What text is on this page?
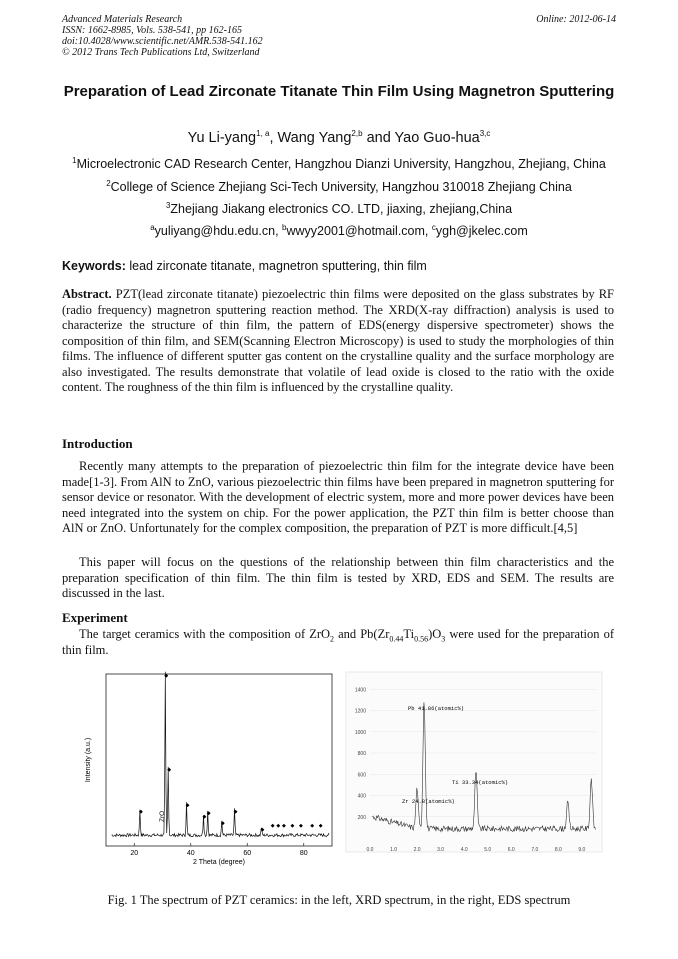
Advanced Materials Research
ISSN: 1662-8985, Vols. 538-541, pp 162-165
doi:10.4028/www.scientific.net/AMR.538-541.162
© 2012 Trans Tech Publications Ltd, Switzerland
Online: 2012-06-14
Preparation of Lead Zirconate Titanate Thin Film Using Magnetron Sputtering
Yu Li-yang$^{1, a}$, Wang Yang$^{2,b}$ and Yao Guo-hua$^{3,c}$
$^1$Microelectronic CAD Research Center, Hangzhou Dianzi University, Hangzhou, Zhejiang, China
$^2$College of Science Zhejiang Sci-Tech University, Hangzhou 310018 Zhejiang China
$^3$Zhejiang Jiakang electronics CO. LTD, jiaxing, zhejiang,China
$^a$yuliyang@hdu.edu.cn, $^b$wwyy2001@hotmail.com, $^c$ygh@jkelec.com
Keywords: lead zirconate titanate, magnetron sputtering, thin film
Abstract. PZT(lead zirconate titanate) piezoelectric thin films were deposited on the glass substrates by RF (radio frequency) magnetron sputtering reaction method. The XRD(X-ray diffraction) analysis is used to characterize the structure of thin film, the pattern of EDS(energy dispersive spectrometer) shows the composition of thin film, and SEM(Scanning Electron Microscopy) is used to study the morphologies of thin films. The influence of different sputter gas content on the crystalline quality and the surface morphology are also investigated. The results demonstrate that volatile of lead oxide is closed to the ratio with the oxide content. The roughness of the thin film is influenced by the crystalline quality.
Introduction
Recently many attempts to the preparation of piezoelectric thin film for the integrate device have been made[1-3]. From AlN to ZnO, various piezoelectric thin films have been prepared in magnetron sputtering for sensor device or resonator. With the development of electric system, more and more power devices have been need integrated into the system on chip. For the power application, the PZT thin film is better choose than AlN or ZnO. Unfortunately for the complex composition, the preparation of PZT is more difficult.[4,5]
This paper will focus on the questions of the relationship between thin film characteristics and the preparation specification of thin film. The thin film is tested by XRD, EDS and SEM. The results are discussed in the last.
Experiment
The target ceramics with the composition of ZrO$_2$ and $Pb(Zr_{0.44}Ti_{0.56})O_3$ were used for the preparation of thin film.
Intensity (a.u.)
2 Theta (degree)
20	40	60	80
◆
◆
◆
◆
◆
◆
◆
◆
◆
◆ ◆ ◆ ◆ ◆ ◆ ◆
ZrO	200
400
600
800
1000
1200
1400
0.0	1.0	2.0	3.0	4.0	5.0	6.0	7.0	8.0	9.0
Pb 41.86(atomic%)
Ti 33.34(atomic%)
Zr 24.8(atomic%)
Fig. 1 The spectrum of PZT ceramics: in the left, XRD spectrum, in the right, EDS spectrum
